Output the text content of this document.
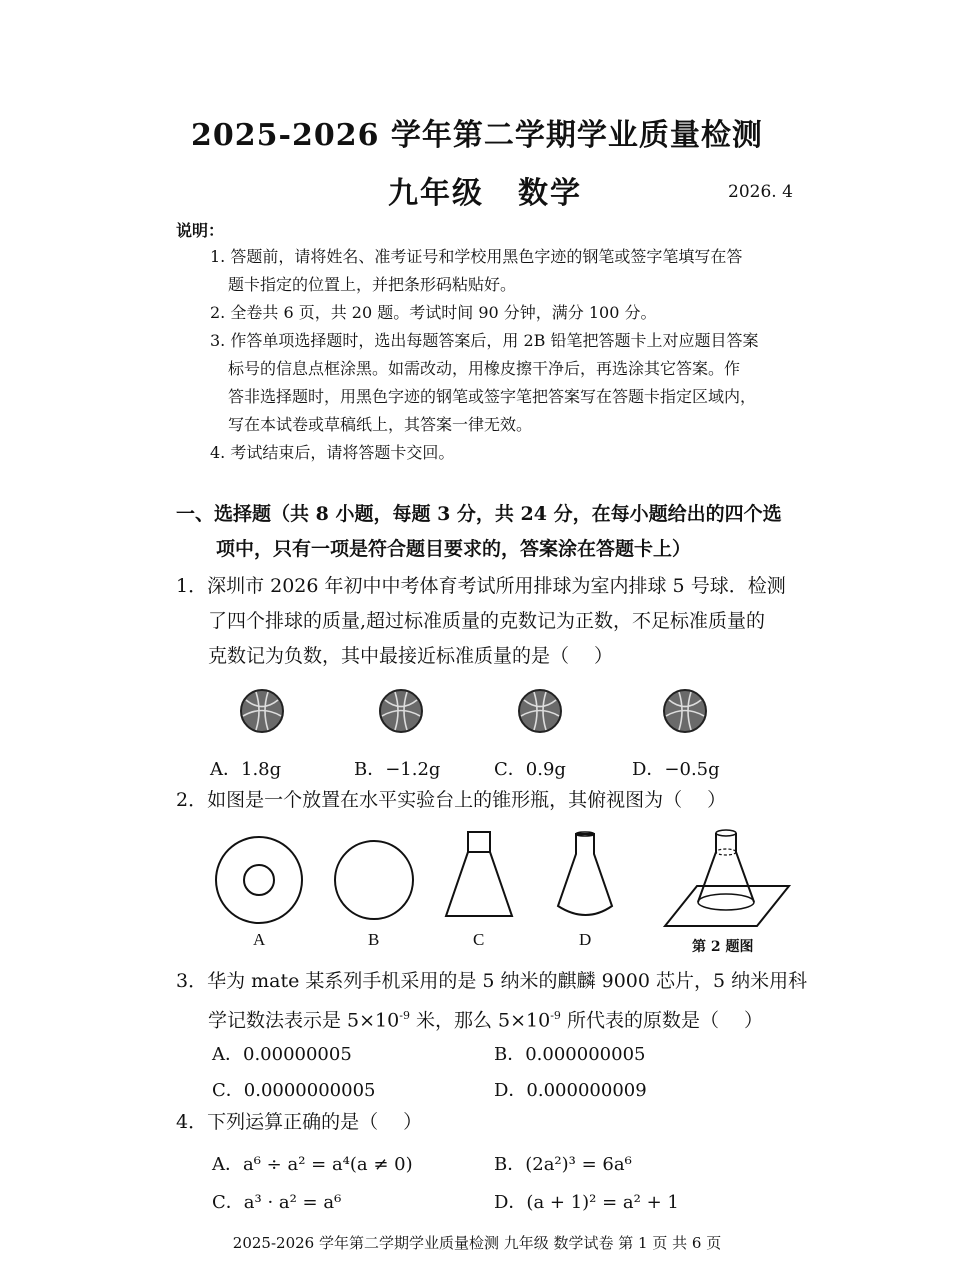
2025-2026 学年第二学期学业质量检测
九年级 数学	2026. 4
说明：
1. 答题前，请将姓名、准考证号和学校用黑色字迹的钢笔或签字笔填写在答
题卡指定的位置上，并把条形码粘贴好。
2. 全卷共 6 页，共 20 题。考试时间 90 分钟，满分 100 分。
3. 作答单项选择题时，选出每题答案后，用 2B 铅笔把答题卡上对应题目答案
标号的信息点框涂黑。如需改动，用橡皮擦干净后，再选涂其它答案。作
答非选择题时，用黑色字迹的钢笔或签字笔把答案写在答题卡指定区域内，
写在本试卷或草稿纸上，其答案一律无效。
4. 考试结束后，请将答题卡交回。
一、选择题（共 8 小题，每题 3 分，共 24 分，在每小题给出的四个选
项中，只有一项是符合题目要求的，答案涂在答题卡上）
1．深圳市 2026 年初中中考体育考试所用排球为室内排球 5 号球．检测
了四个排球的质量,超过标准质量的克数记为正数，不足标准质量的
克数记为负数，其中最接近标准质量的是（　 ）
A．1.8g	B．−1.2g	C．0.9g	D．−0.5g
2．如图是一个放置在水平实验台上的锥形瓶，其俯视图为（　 ）
A	B	C	D	第 2 题图
3．华为 mate 某系列手机采用的是 5 纳米的麒麟 9000 芯片，5 纳米用科
学记数法表示是 $5\times 10^{-9}$ 米，那么 $5\times 10^{-9}$ 所代表的原数是（　 ）
A．0.00000005	B．0.000000005
C．0.0000000005	D．0.000000009
4．下列运算正确的是（　 ）
A．a⁶ ÷ a² = a⁴(a ≠ 0)	B．(2a²)³ = 6a⁶
C．a³ · a² = a⁶	D．(a + 1)² = a² + 1
2025-2026 学年第二学期学业质量检测 九年级 数学试卷 第 1 页 共 6 页
